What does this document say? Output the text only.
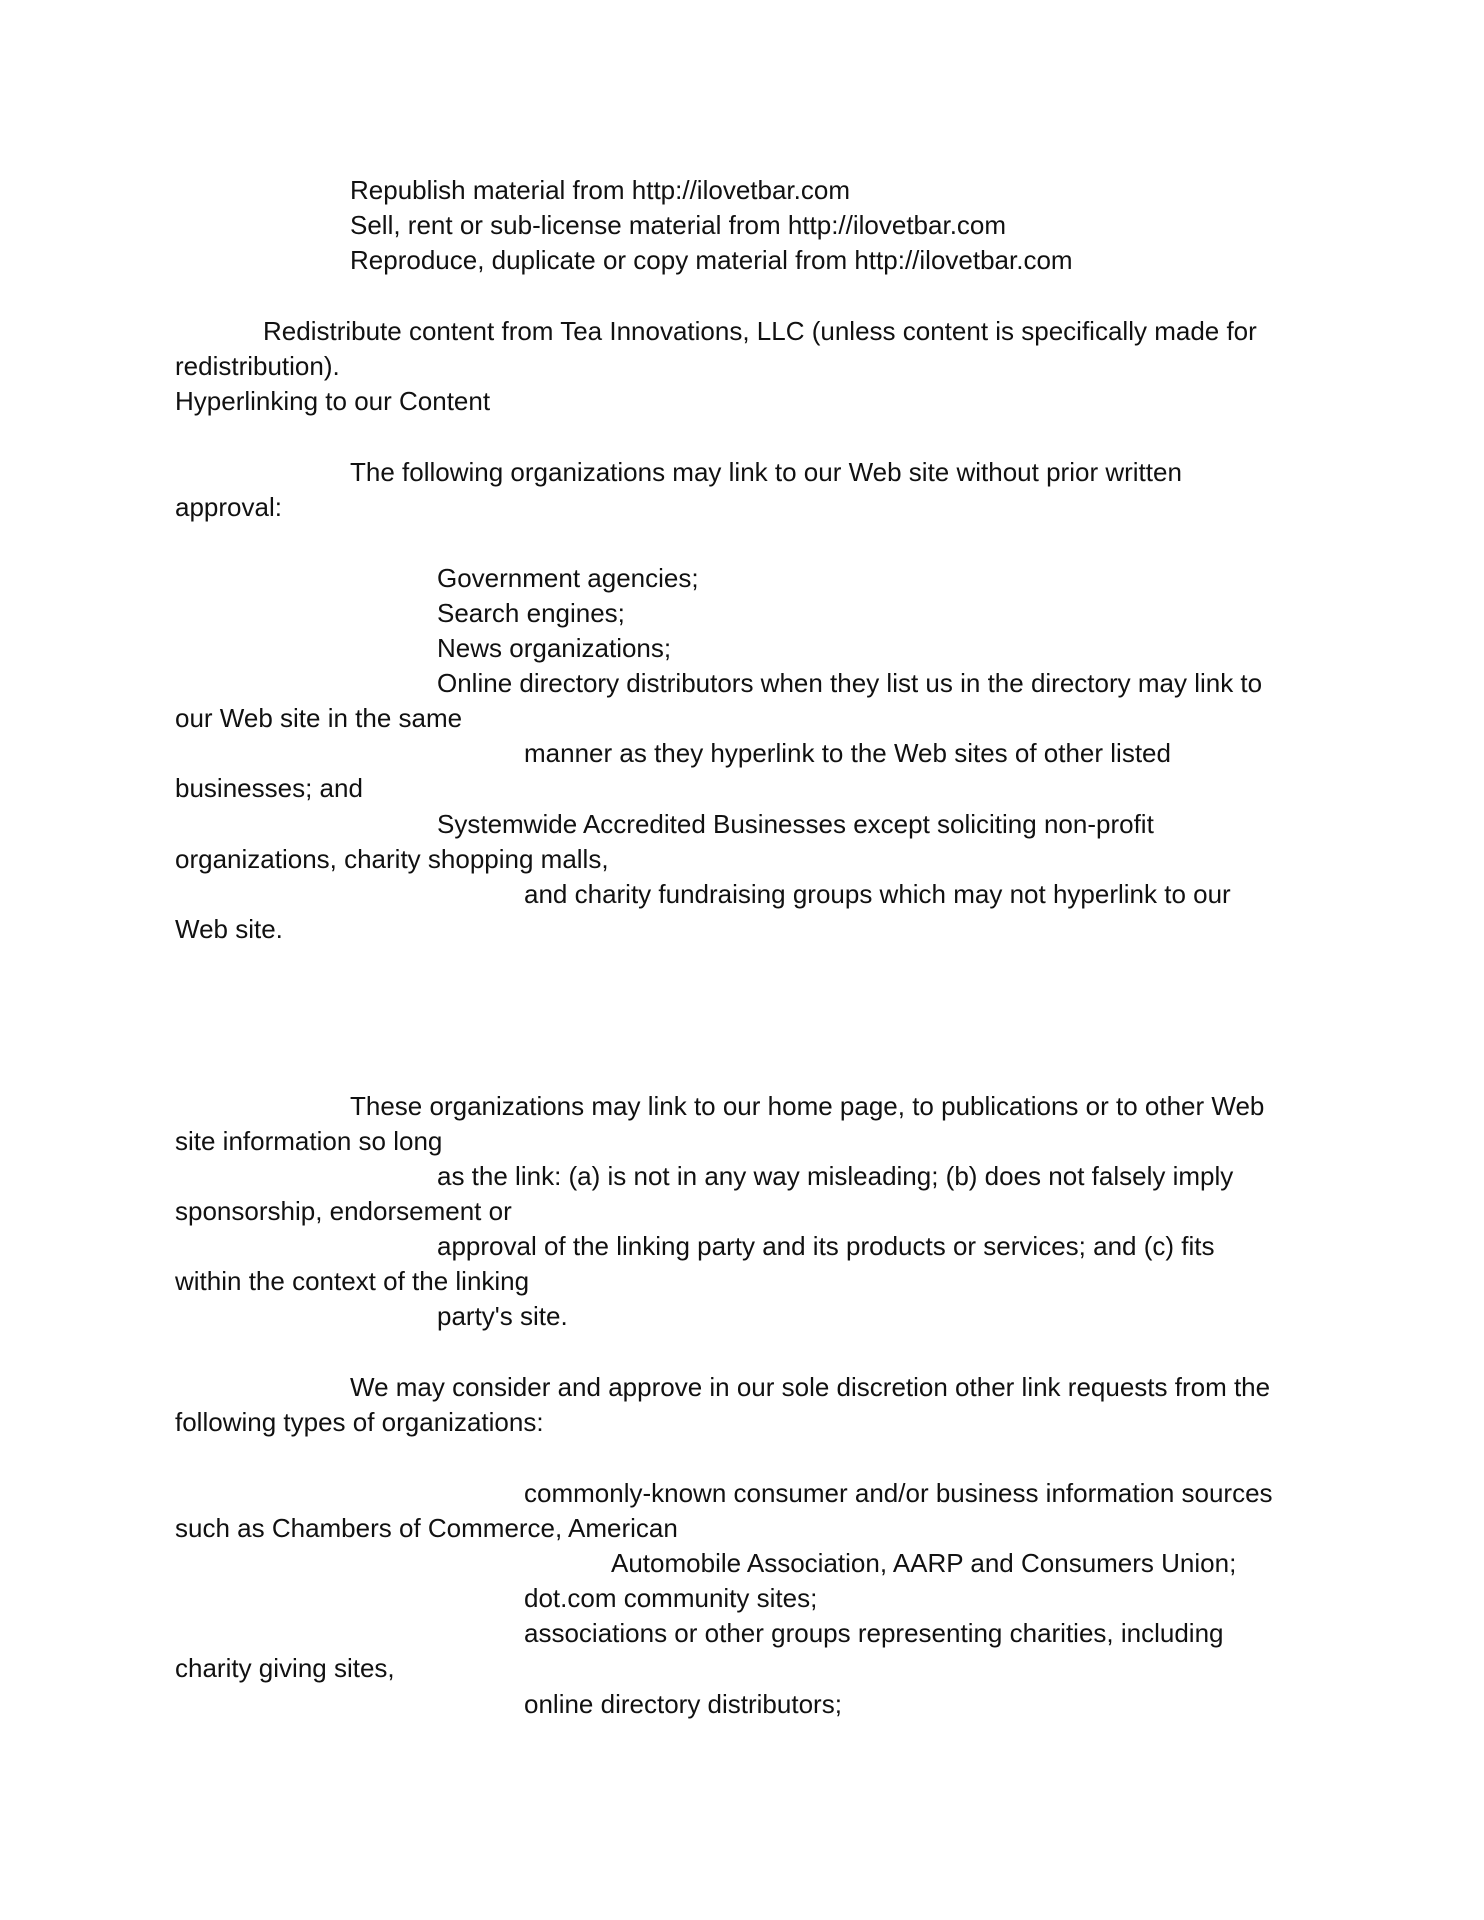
Republish material from http://ilovetbar.com
Sell, rent or sub-license material from http://ilovetbar.com
Reproduce, duplicate or copy material from http://ilovetbar.com
Redistribute content from Tea Innovations, LLC (unless content is specifically made for
redistribution).
Hyperlinking to our Content
The following organizations may link to our Web site without prior written
approval:
Government agencies;
Search engines;
News organizations;
Online directory distributors when they list us in the directory may link to
our Web site in the same
manner as they hyperlink to the Web sites of other listed
businesses; and
Systemwide Accredited Businesses except soliciting non-profit
organizations, charity shopping malls,
and charity fundraising groups which may not hyperlink to our
Web site.
These organizations may link to our home page, to publications or to other Web
site information so long
as the link: (a) is not in any way misleading; (b) does not falsely imply
sponsorship, endorsement or
approval of the linking party and its products or services; and (c) fits
within the context of the linking
party's site.
We may consider and approve in our sole discretion other link requests from the
following types of organizations:
commonly-known consumer and/or business information sources
such as Chambers of Commerce, American
Automobile Association, AARP and Consumers Union;
dot.com community sites;
associations or other groups representing charities, including
charity giving sites,
online directory distributors;
